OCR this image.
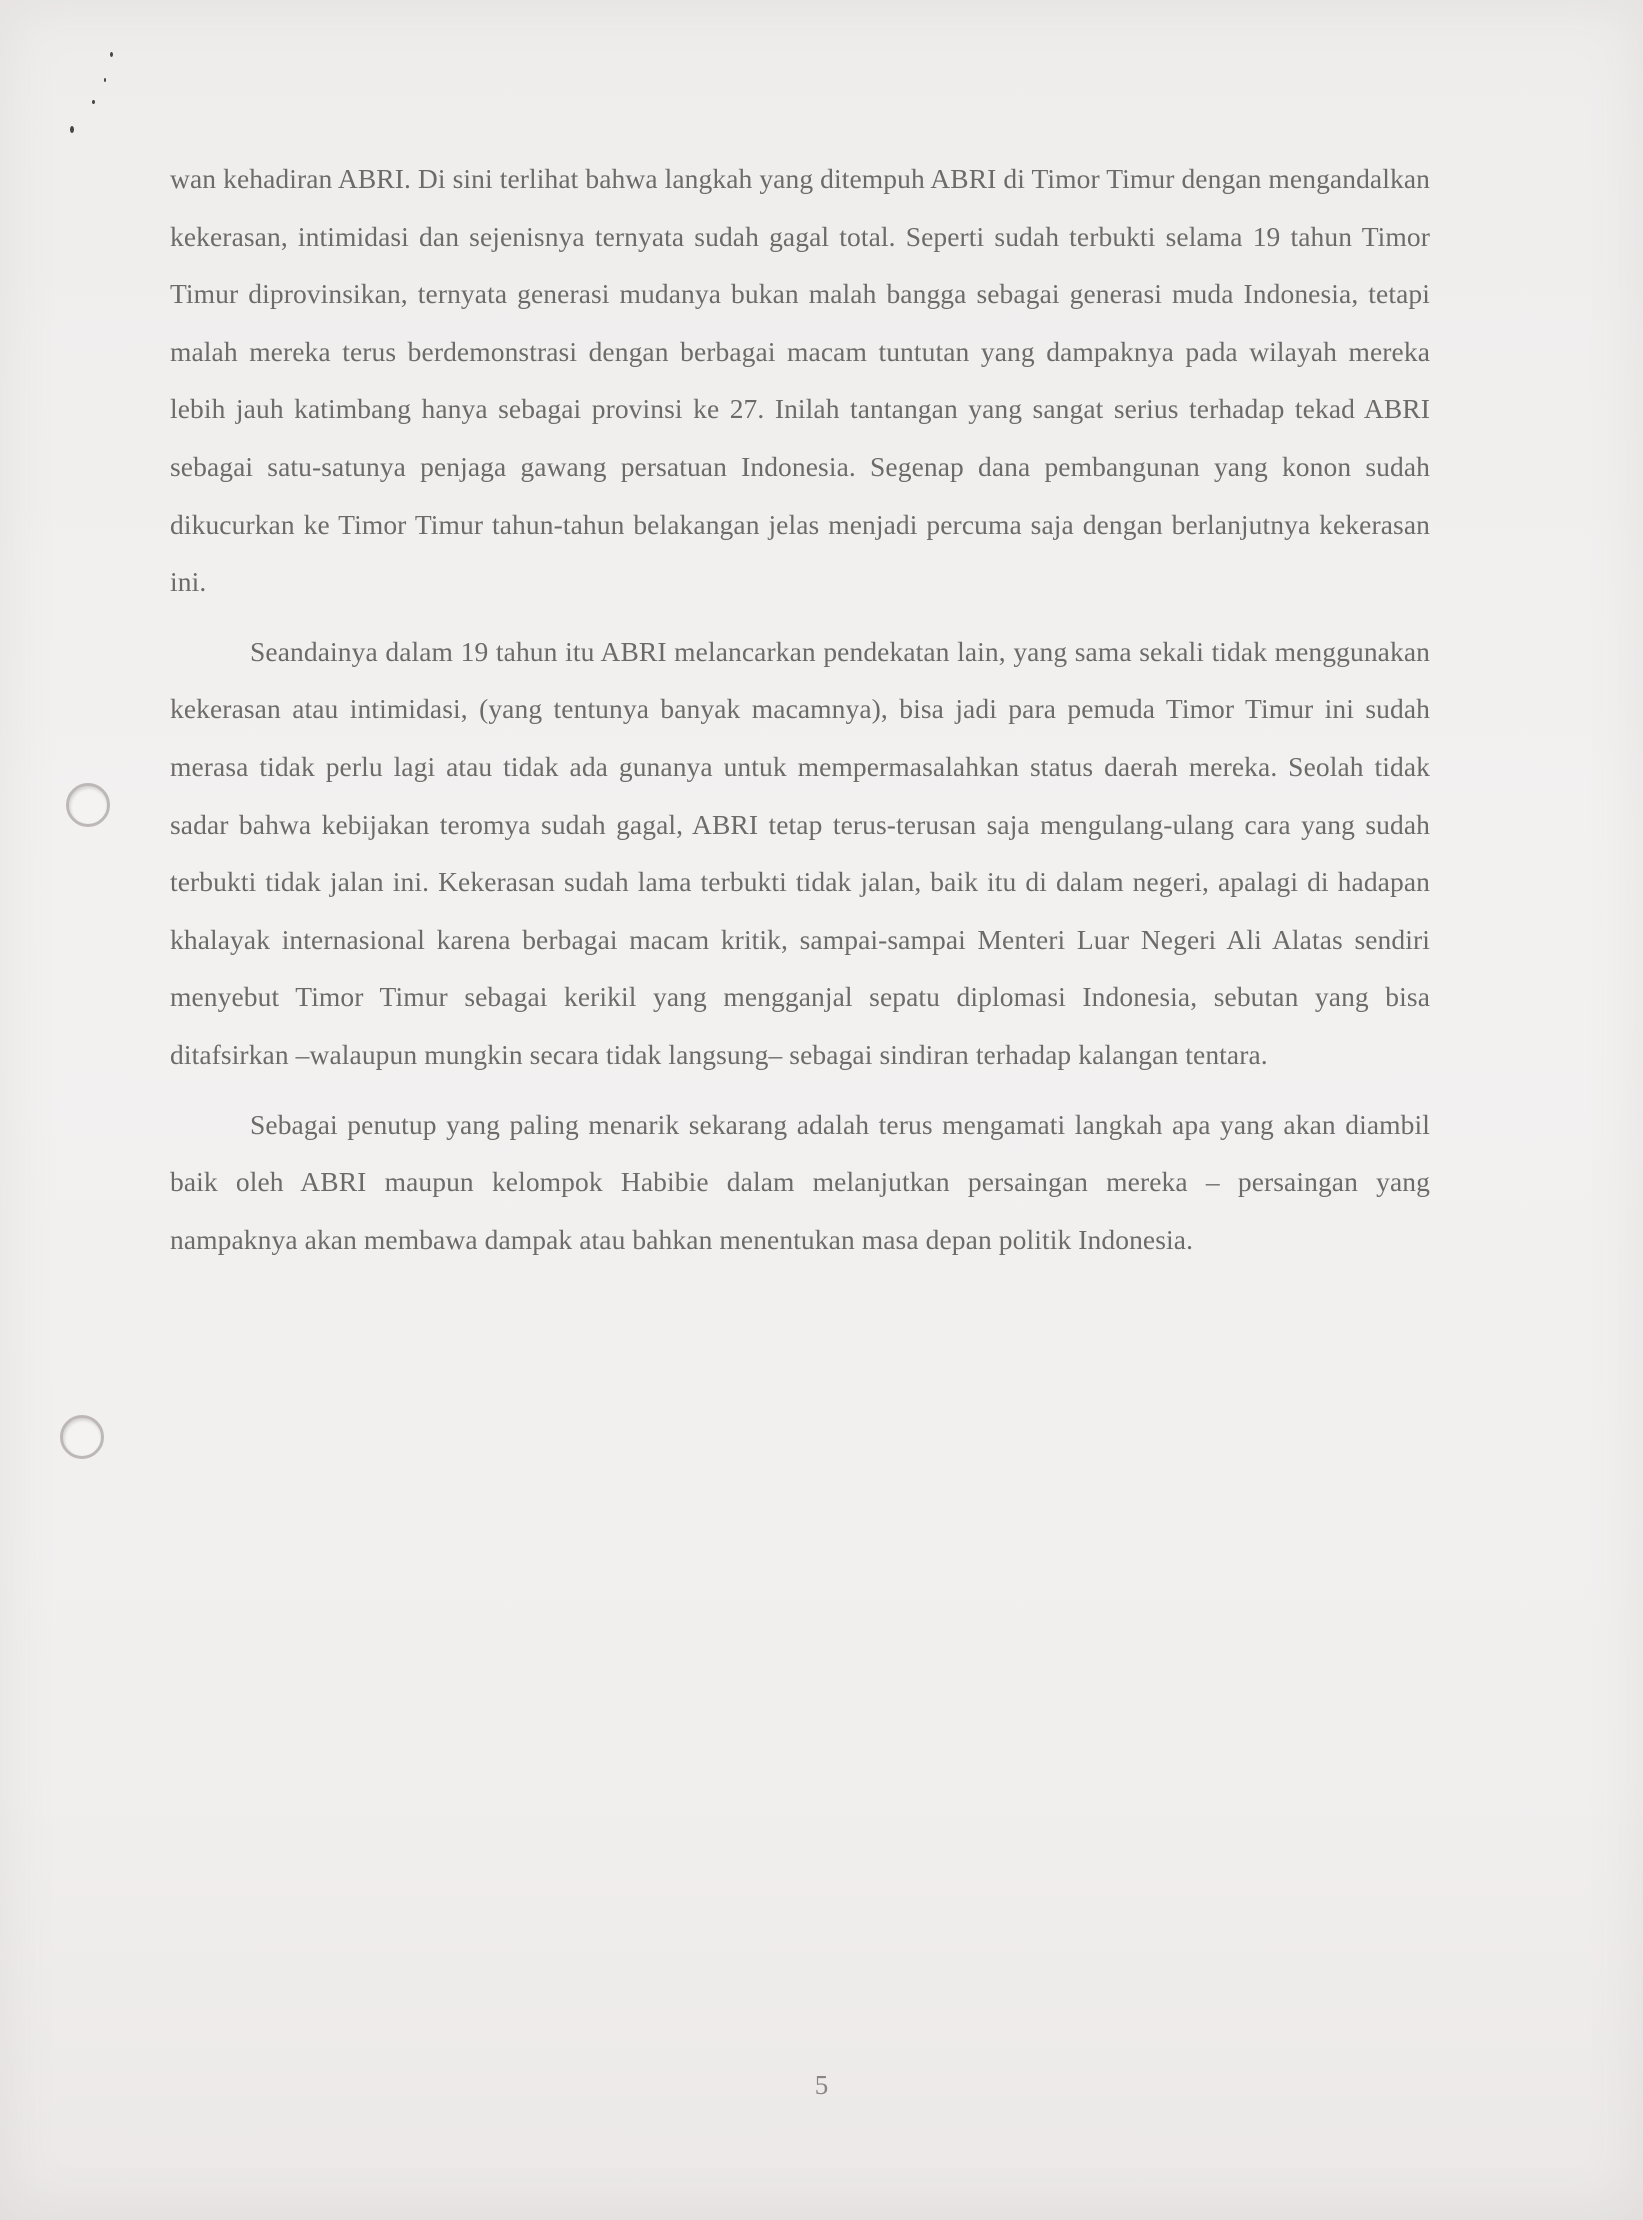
wan kehadiran ABRI. Di sini terlihat bahwa langkah yang ditempuh ABRI di Timor Timur dengan mengandalkan kekerasan, intimidasi dan sejenisnya ternyata sudah gagal total. Seperti sudah terbukti selama 19 tahun Timor Timur diprovinsikan, ternyata generasi mudanya bukan malah bangga sebagai generasi muda Indonesia, tetapi malah mereka terus berdemonstrasi dengan berbagai macam tuntutan yang dampaknya pada wilayah mereka lebih jauh katimbang hanya sebagai provinsi ke 27. Inilah tantangan yang sangat serius terhadap tekad ABRI sebagai satu-satunya penjaga gawang persatuan Indonesia. Segenap dana pembangunan yang konon sudah dikucurkan ke Timor Timur tahun-tahun belakangan jelas menjadi percuma saja dengan berlanjutnya kekerasan ini.

Seandainya dalam 19 tahun itu ABRI melancarkan pendekatan lain, yang sama sekali tidak menggunakan kekerasan atau intimidasi, (yang tentunya banyak macamnya), bisa jadi para pemuda Timor Timur ini sudah merasa tidak perlu lagi atau tidak ada gunanya untuk mempermasalahkan status daerah mereka. Seolah tidak sadar bahwa kebijakan teromya sudah gagal, ABRI tetap terus-terusan saja mengulang-ulang cara yang sudah terbukti tidak jalan ini. Kekerasan sudah lama terbukti tidak jalan, baik itu di dalam negeri, apalagi di hadapan khalayak internasional karena berbagai macam kritik, sampai-sampai Menteri Luar Negeri Ali Alatas sendiri menyebut Timor Timur sebagai kerikil yang mengganjal sepatu diplomasi Indonesia, sebutan yang bisa ditafsirkan –walaupun mungkin secara tidak langsung– sebagai sindiran terhadap kalangan tentara.

Sebagai penutup yang paling menarik sekarang adalah terus mengamati langkah apa yang akan diambil baik oleh ABRI maupun kelompok Habibie dalam melanjutkan persaingan mereka – persaingan yang nampaknya akan membawa dampak atau bahkan menentukan masa depan politik Indonesia.

5
